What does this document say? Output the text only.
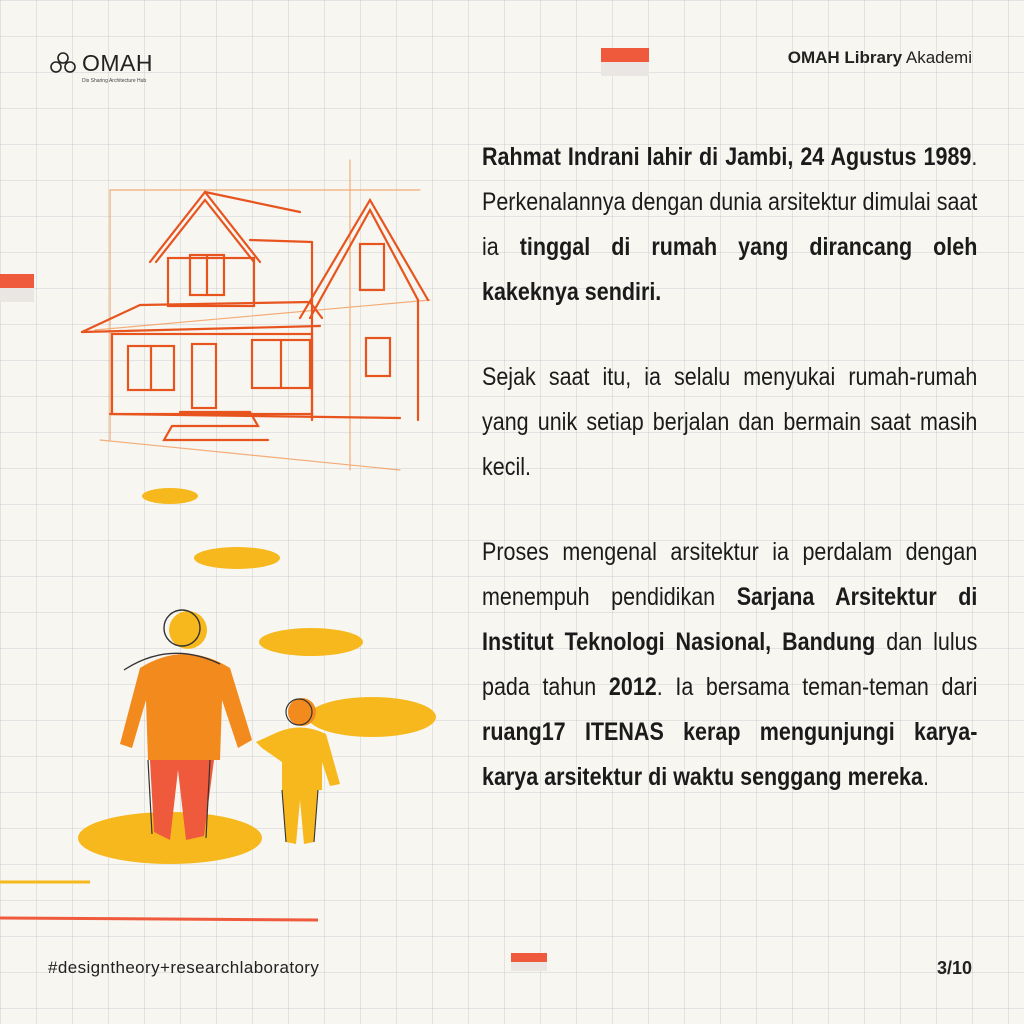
OMAH
Dis Sharing Architecture Hub
OMAH Library Akademi

Rahmat Indrani lahir di Jambi, 24 Agustus 1989. Perkenalannya dengan dunia arsitektur dimulai saat ia tinggal di rumah yang dirancang oleh kakeknya sendiri.

Sejak saat itu, ia selalu menyukai rumah-rumah yang unik setiap berjalan dan bermain saat masih kecil.

Proses mengenal arsitektur ia perdalam dengan menempuh pendidikan Sarjana Arsitektur di Institut Teknologi Nasional, Bandung dan lulus pada tahun 2012. Ia bersama teman-teman dari ruang17 ITENAS kerap mengunjungi karya-karya arsitektur di waktu senggang mereka.

#designtheory+researchlaboratory	3/10
